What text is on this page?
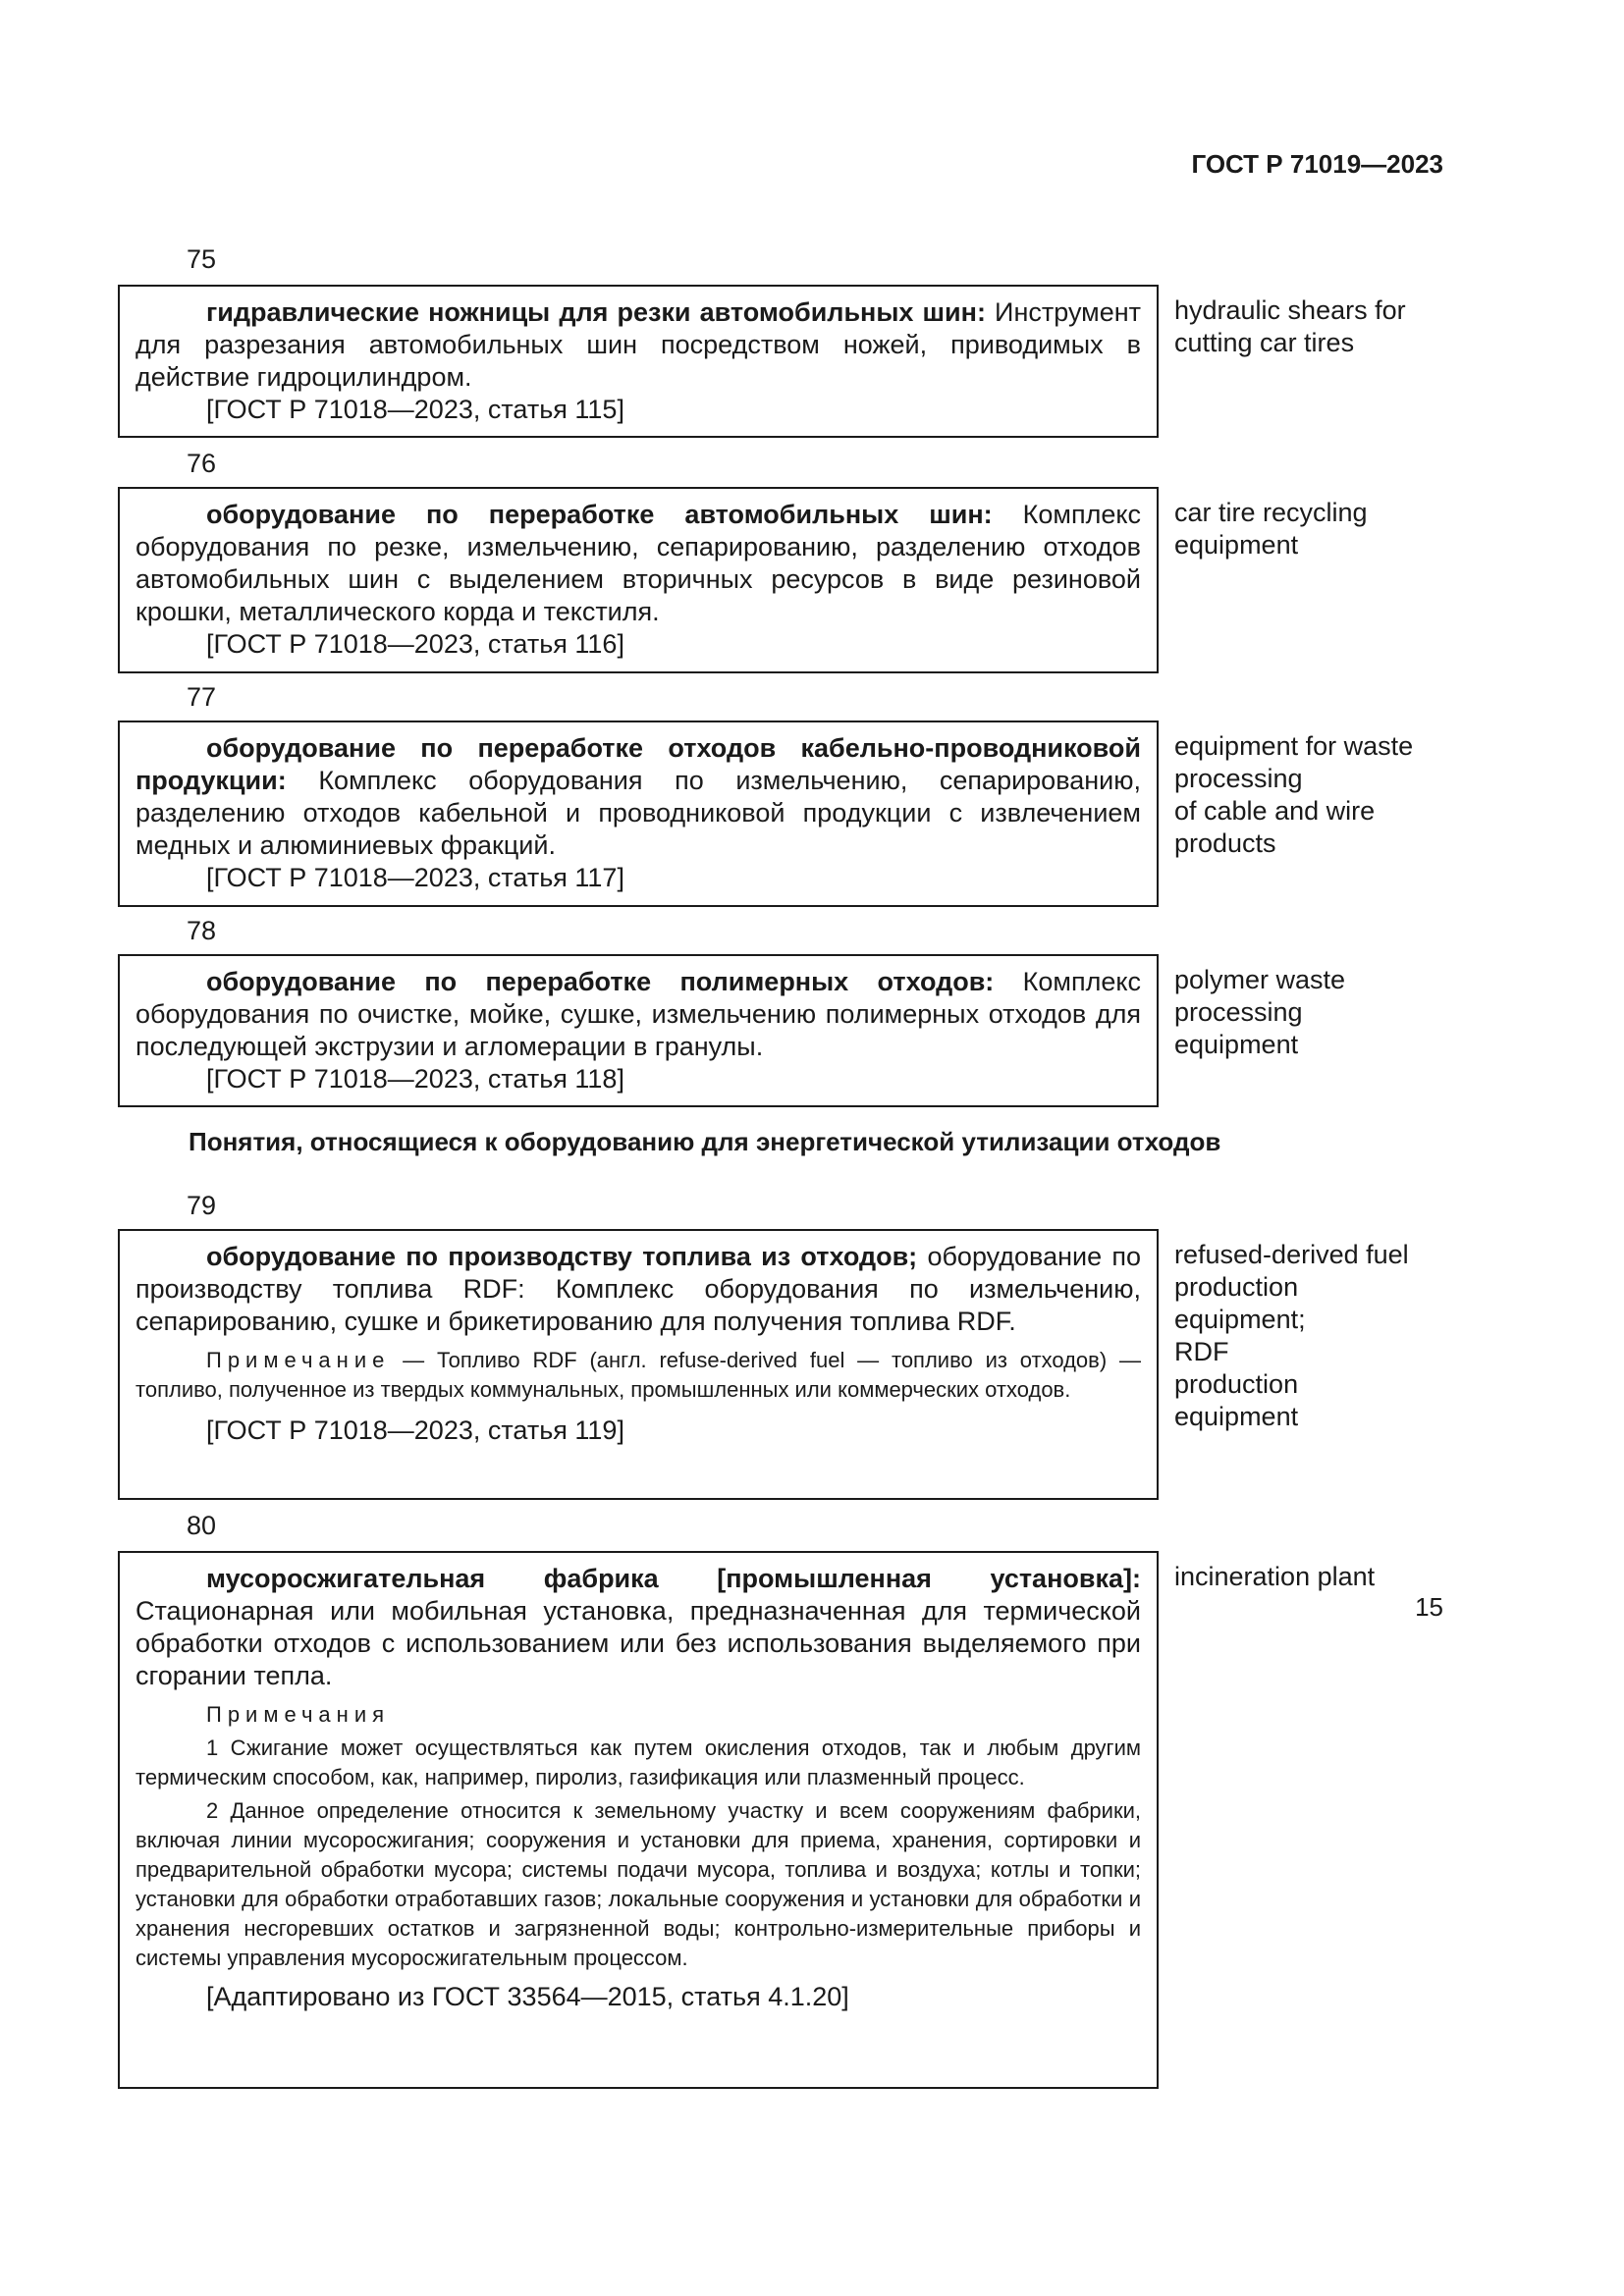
ГОСТ Р 71019—2023
75

гидравлические ножницы для резки автомобильных шин: Инструмент для разрезания автомобильных шин посредством ножей, приводимых в действие гидроцилиндром.

[ГОСТ Р 71018—2023, статья 115]

hydraulic shears for
cutting car tires
76

оборудование по переработке автомобильных шин: Комплекс оборудования по резке, измельчению, сепарированию, разделению отходов автомобильных шин с выделением вторичных ресурсов в виде резиновой крошки, металлического корда и текстиля.

[ГОСТ Р 71018—2023, статья 116]

car tire recycling
equipment
77

оборудование по переработке отходов кабельно-проводниковой продукции: Комплекс оборудования по измельчению, сепарированию, разделению отходов кабельной и проводниковой продукции с извлечением медных и алюминиевых фракций.

[ГОСТ Р 71018—2023, статья 117]

equipment for waste
processing
of cable and wire
products
78

оборудование по переработке полимерных отходов: Комплекс оборудования по очистке, мойке, сушке, измельчению полимерных отходов для последующей экструзии и агломерации в гранулы.

[ГОСТ Р 71018—2023, статья 118]

polymer waste
processing
equipment
Понятия, относящиеся к оборудованию для энергетической утилизации отходов
79

оборудование по производству топлива из отходов; оборудование по производству топлива RDF: Комплекс оборудования по измельчению, сепарированию, сушке и брикетированию для получения топлива RDF.

Примечание — Топливо RDF (англ. refuse-derived fuel — топливо из отходов) — топливо, полученное из твердых коммунальных, промышленных или коммерческих отходов.

[ГОСТ Р 71018—2023, статья 119]

refused-derived fuel
production
equipment;
RDF
production
equipment
80

мусоросжигательная фабрика [промышленная установка]: Стационарная или мобильная установка, предназначенная для термической обработки отходов с использованием или без использования выделяемого при сгорании тепла.

Примечания

1 Сжигание может осуществляться как путем окисления отходов, так и любым другим термическим способом, как, например, пиролиз, газификация или плазменный процесс.

2 Данное определение относится к земельному участку и всем сооружениям фабрики, включая линии мусоросжигания; сооружения и установки для приема, хранения, сортировки и предварительной обработки мусора; системы подачи мусора, топлива и воздуха; котлы и топки; установки для обработки отработавших газов; локальные сооружения и установки для обработки и хранения несгоревших остатков и загрязненной воды; контрольно-измерительные приборы и системы управления мусоросжигательным процессом.

[Адаптировано из ГОСТ 33564—2015, статья 4.1.20]

incineration plant
15
